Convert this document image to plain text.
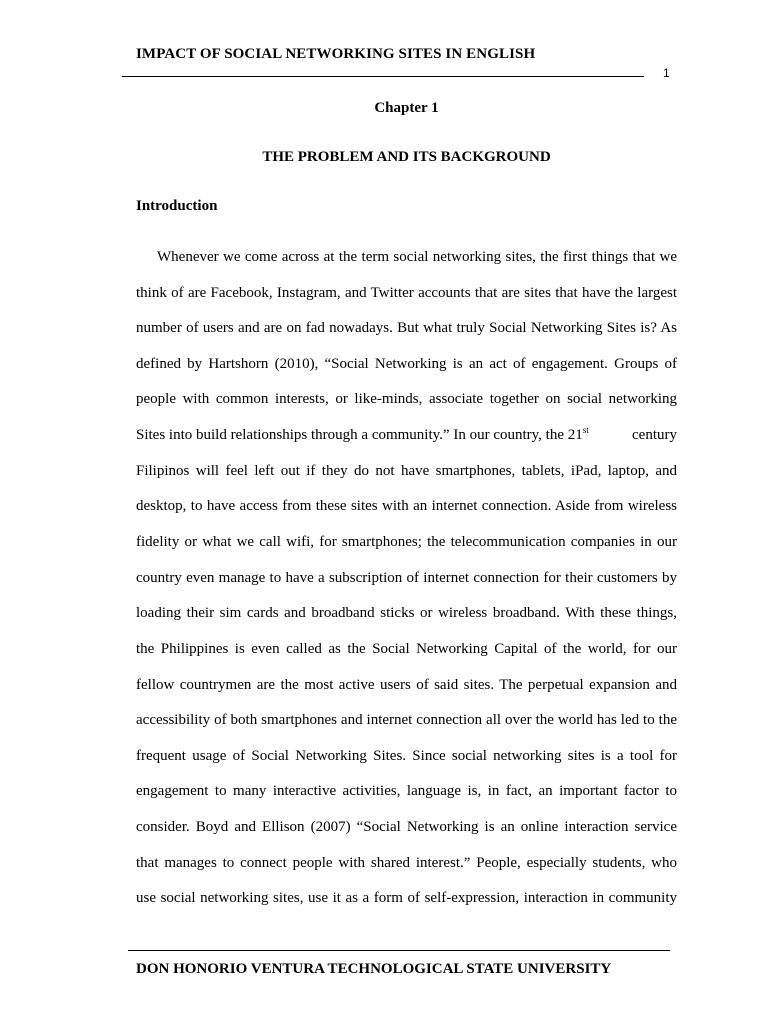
IMPACT OF SOCIAL NETWORKING SITES IN ENGLISH
1
Chapter 1
THE PROBLEM AND ITS BACKGROUND
Introduction
Whenever we come across at the term social networking sites, the first things that we
think of are Facebook, Instagram, and Twitter accounts that are sites that have the largest
number of users and are on fad nowadays. But what truly Social Networking Sites is? As
defined by Hartshorn (2010), “Social Networking is an act of engagement. Groups of
people with common interests, or like-minds, associate together on social networking
Sites into build relationships through a community.” In our country, the 21st	century
Filipinos will feel left out if they do not have smartphones, tablets, iPad, laptop, and
desktop, to have access from these sites with an internet connection. Aside from wireless
fidelity or what we call wifi, for smartphones; the telecommunication companies in our
country even manage to have a subscription of internet connection for their customers by
loading their sim cards and broadband sticks or wireless broadband. With these things,
the Philippines is even called as the Social Networking Capital of the world, for our
fellow countrymen are the most active users of said sites. The perpetual expansion and
accessibility of both smartphones and internet connection all over the world has led to the
frequent usage of Social Networking Sites. Since social networking sites is a tool for
engagement to many interactive activities, language is, in fact, an important factor to
consider. Boyd and Ellison (2007) “Social Networking is an online interaction service
that manages to connect people with shared interest.” People, especially students, who
use social networking sites, use it as a form of self-expression, interaction in community
DON HONORIO VENTURA TECHNOLOGICAL STATE UNIVERSITY
